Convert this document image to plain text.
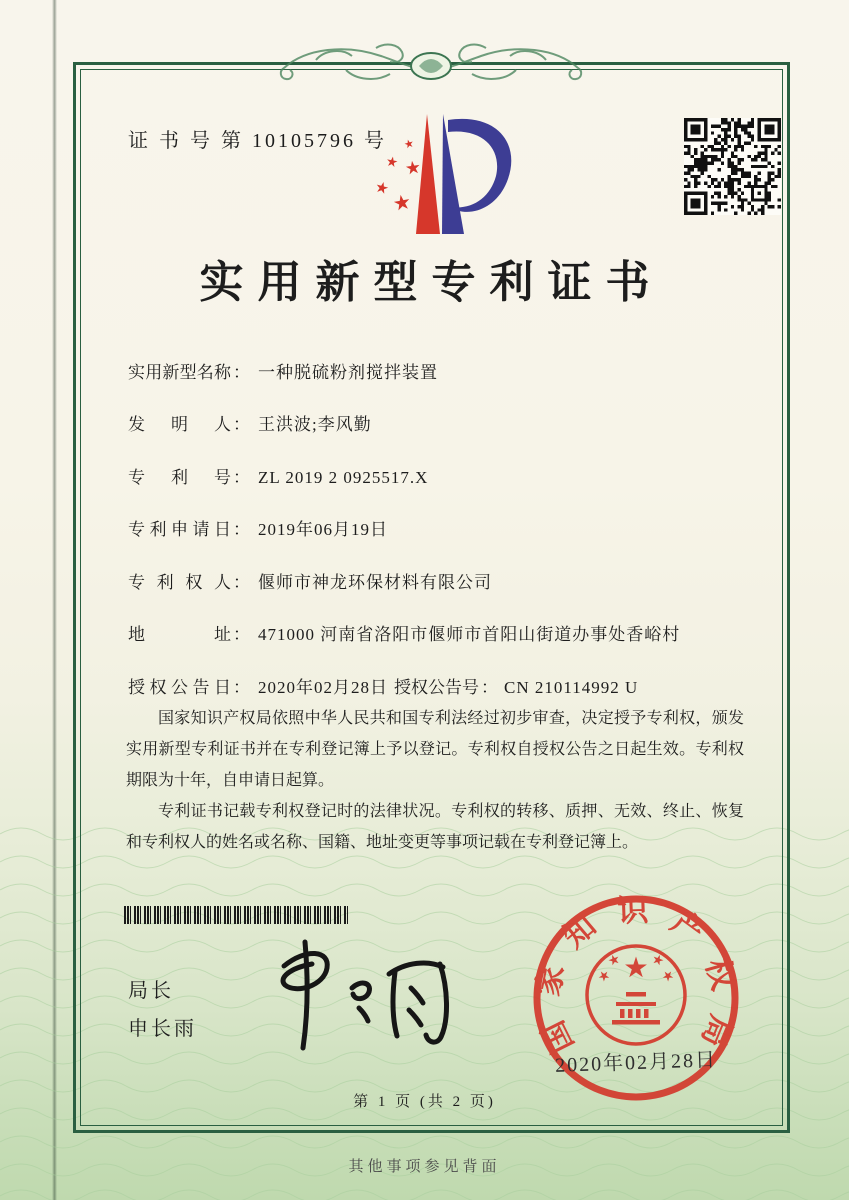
证 书 号 第 10105796 号
实用新型专利证书
实用新型名称 ： 一种脱硫粉剂搅拌装置
发明人 ： 王洪波;李风勤
专利号 ： ZL 2019 2 0925517.X
专利申请日 ： 2019年06月19日
专利权人 ： 偃师市神龙环保材料有限公司
地址 ： 471000 河南省洛阳市偃师市首阳山街道办事处香峪村
授权公告日 ： 2020年02月28日 授权公告号 ： CN 210114992 U

国家知识产权局依照中华人民共和国专利法经过初步审查，决定授予专利权，颁发实用新型专利证书并在专利登记簿上予以登记。专利权自授权公告之日起生效。专利权期限为十年，自申请日起算。

专利证书记载专利权登记时的法律状况。专利权的转移、质押、无效、终止、恢复和专利权人的姓名或名称、国籍、地址变更等事项记载在专利登记簿上。

局长
申长雨	国家知识产权局
2020年02月28日
第 1 页 (共 2 页)
其他事项参见背面
